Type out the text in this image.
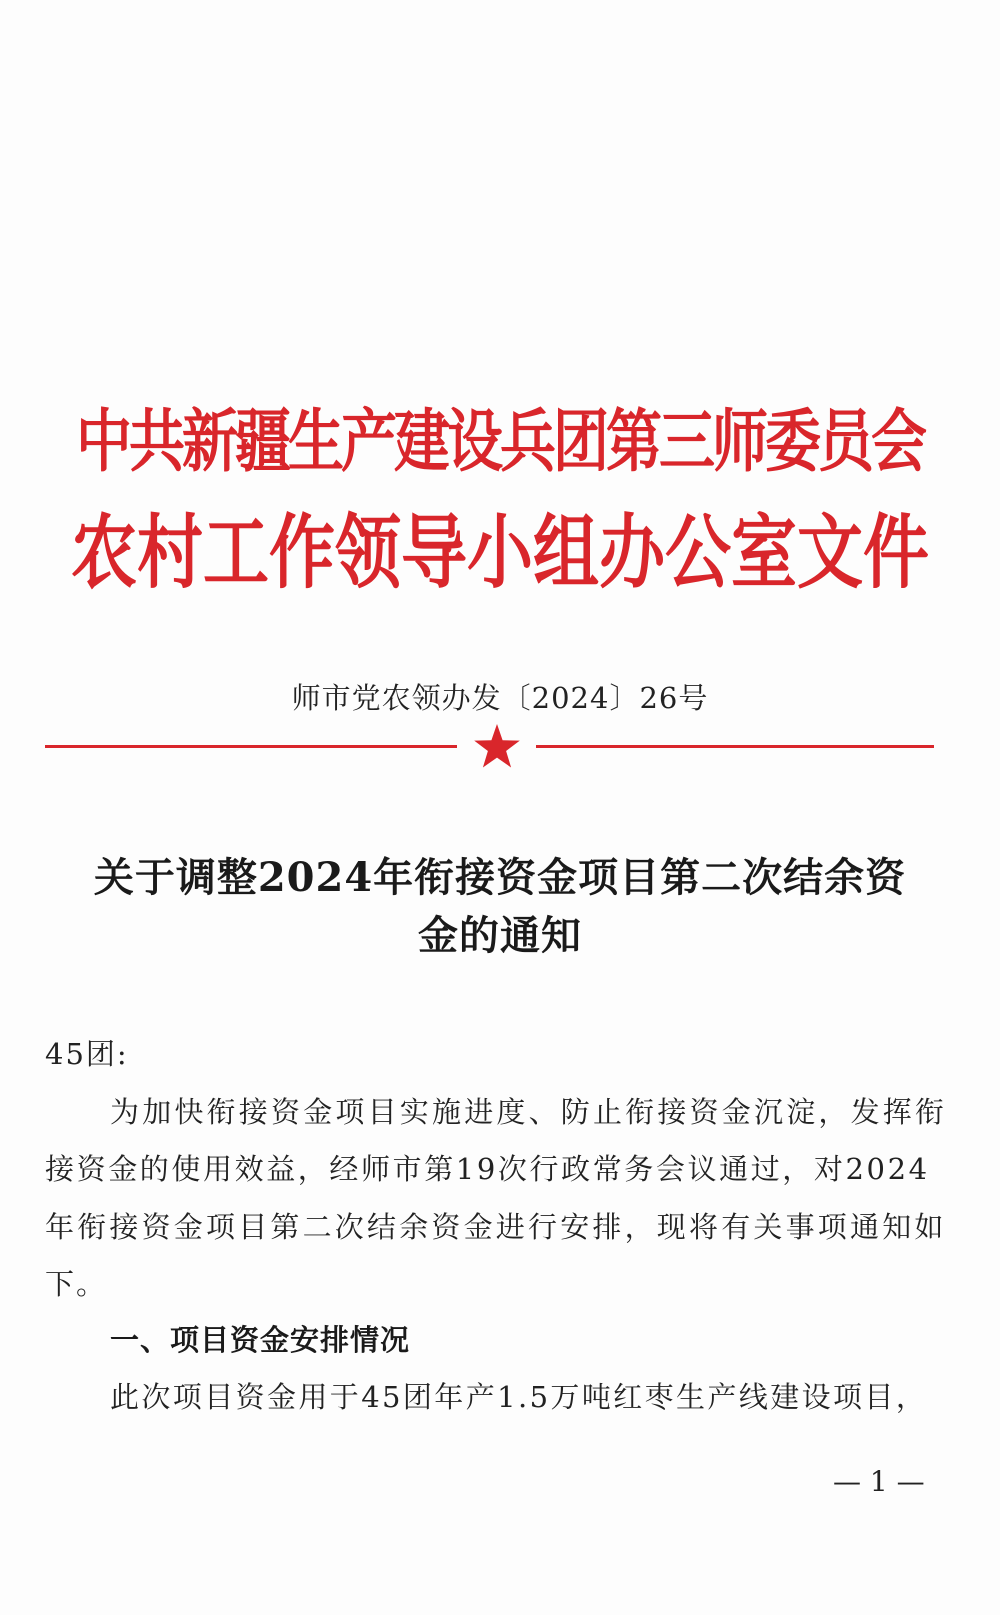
中共新疆生产建设兵团第三师委员会
农村工作领导小组办公室文件
师市党农领办发〔2024〕26号
关于调整2024年衔接资金项目第二次结余资
金的通知
45团:
为加快衔接资金项目实施进度、防止衔接资金沉淀，发挥衔
接资金的使用效益，经师市第19次行政常务会议通过，对2024
年衔接资金项目第二次结余资金进行安排，现将有关事项通知如
下。
一、项目资金安排情况
此次项目资金用于45团年产1.5万吨红枣生产线建设项目，
— 1 —
